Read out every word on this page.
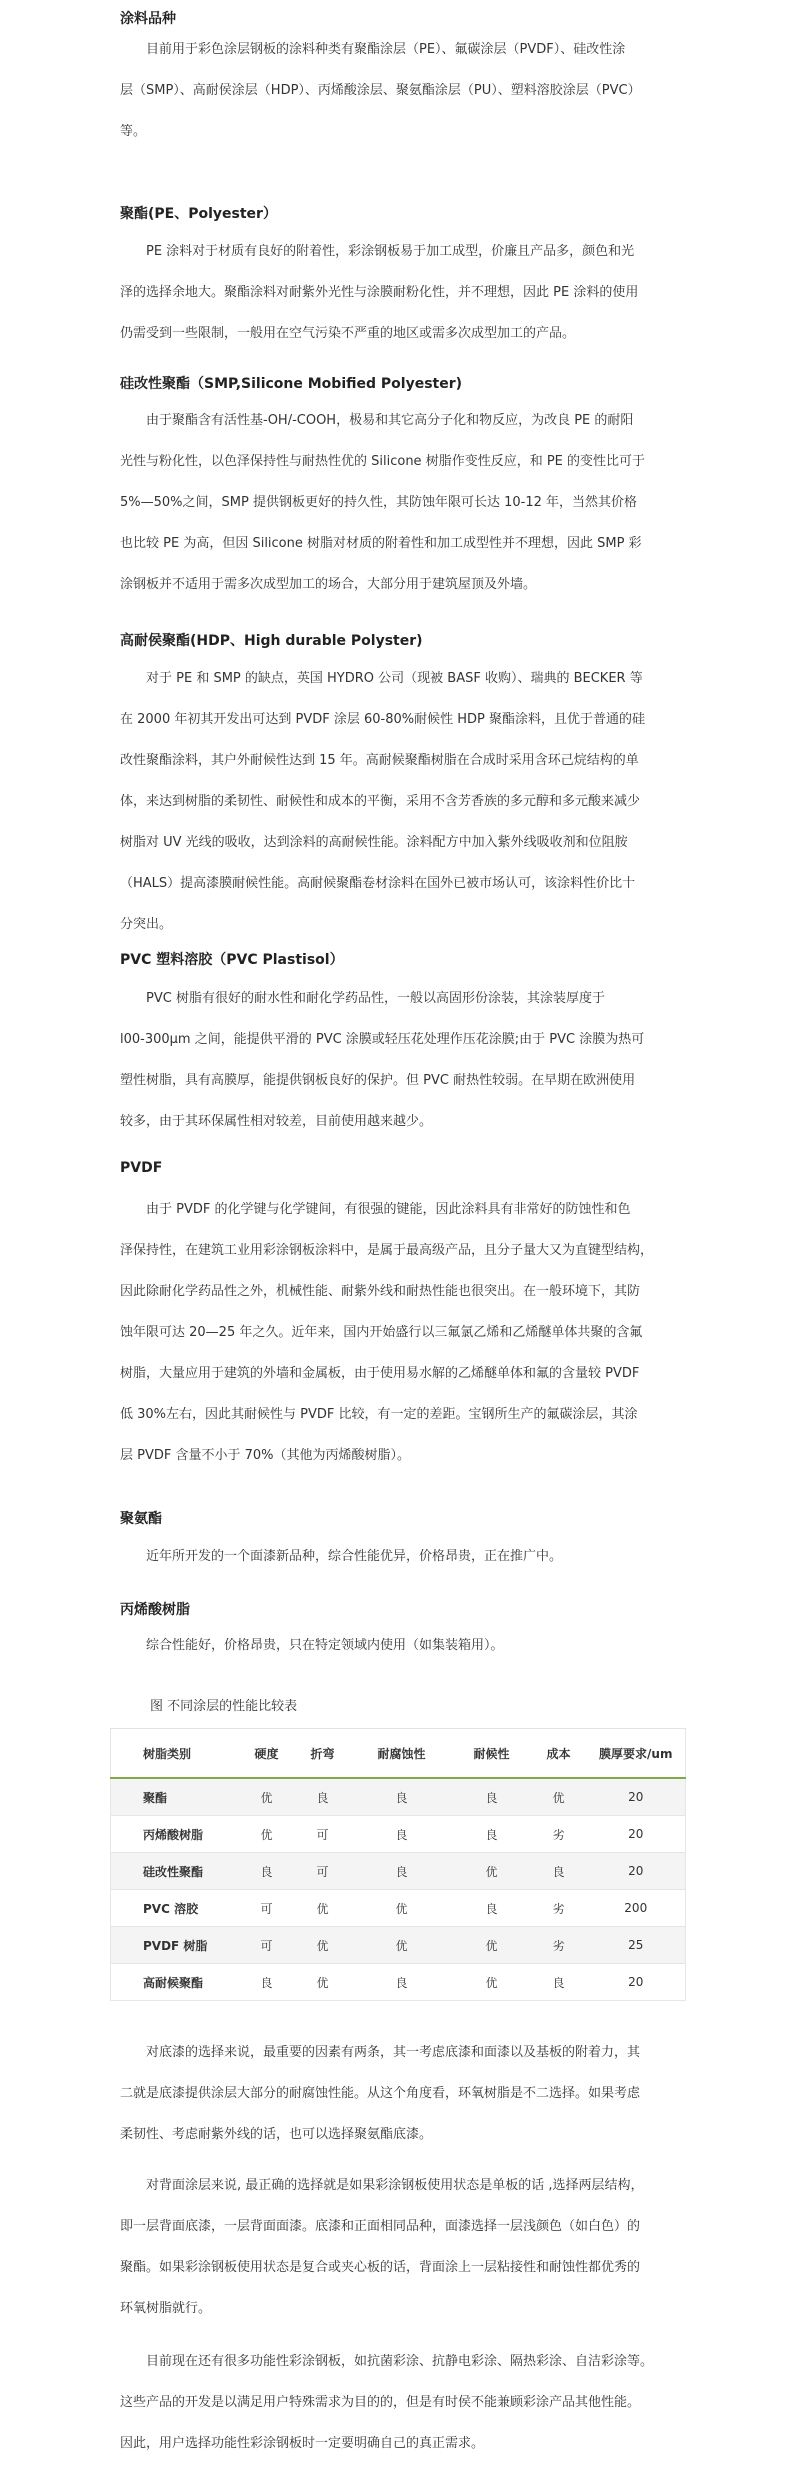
涂料品种
　　目前用于彩色涂层钢板的涂料种类有聚酯涂层（PE）、氟碳涂层（PVDF）、硅改性涂
层（SMP）、高耐侯涂层（HDP）、丙烯酸涂层、聚氨酯涂层（PU）、塑料溶胶涂层（PVC）
等。
聚酯(PE、Polyester）
　　PE 涂料对于材质有良好的附着性，彩涂钢板易于加工成型，价廉且产品多，颜色和光
泽的选择余地大。聚酯涂料对耐紫外光性与涂膜耐粉化性，并不理想，因此 PE 涂料的使用
仍需受到一些限制，一般用在空气污染不严重的地区或需多次成型加工的产品。
硅改性聚酯（SMP,Silicone Mobified Polyester)
　　由于聚酯含有活性基-OH/-COOH，极易和其它高分子化和物反应，为改良 PE 的耐阳
光性与粉化性，以色泽保持性与耐热性优的 Silicone 树脂作变性反应，和 PE 的变性比可于
5%—50%之间，SMP 提供钢板更好的持久性，其防蚀年限可长达 10-12 年，当然其价格
也比较 PE 为高，但因 Silicone 树脂对材质的附着性和加工成型性并不理想，因此 SMP 彩
涂钢板并不适用于需多次成型加工的场合，大部分用于建筑屋顶及外墙。
高耐侯聚酯(HDP、High durable Polyster)
　　对于 PE 和 SMP 的缺点，英国 HYDRO 公司（现被 BASF 收购）、瑞典的 BECKER 等
在 2000 年初其开发出可达到 PVDF 涂层 60-80%耐候性 HDP 聚酯涂料，且优于普通的硅
改性聚酯涂料，其户外耐候性达到 15 年。高耐候聚酯树脂在合成时采用含环己烷结构的单
体，来达到树脂的柔韧性、耐候性和成本的平衡，采用不含芳香族的多元醇和多元酸来减少
树脂对 UV 光线的吸收，达到涂料的高耐候性能。涂料配方中加入紫外线吸收剂和位阻胺
（HALS）提高漆膜耐候性能。高耐候聚酯卷材涂料在国外已被市场认可，该涂料性价比十
分突出。
PVC 塑料溶胶（PVC Plastisol）
　　PVC 树脂有很好的耐水性和耐化学药品性，一般以高固形份涂装，其涂装厚度于
l00-300μm 之间，能提供平滑的 PVC 涂膜或轻压花处理作压花涂膜;由于 PVC 涂膜为热可
塑性树脂，具有高膜厚，能提供钢板良好的保护。但 PVC 耐热性较弱。在早期在欧洲使用
较多，由于其环保属性相对较差，目前使用越来越少。
PVDF
　　由于 PVDF 的化学键与化学键间，有很强的键能，因此涂料具有非常好的防蚀性和色
泽保持性，在建筑工业用彩涂钢板涂料中，是属于最高级产品，且分子量大又为直键型结构，
因此除耐化学药品性之外，机械性能、耐紫外线和耐热性能也很突出。在一般环境下，其防
蚀年限可达 20—25 年之久。近年来，国内开始盛行以三氟氯乙烯和乙烯醚单体共聚的含氟
树脂，大量应用于建筑的外墙和金属板，由于使用易水解的乙烯醚单体和氟的含量较 PVDF
低 30%左右，因此其耐候性与 PVDF 比较，有一定的差距。宝钢所生产的氟碳涂层，其涂
层 PVDF 含量不小于 70%（其他为丙烯酸树脂）。
聚氨酯
　　近年所开发的一个面漆新品种，综合性能优异，价格昂贵，正在推广中。
丙烯酸树脂
　　综合性能好，价格昂贵，只在特定领域内使用（如集装箱用）。
图 不同涂层的性能比较表
树脂类别	硬度	折弯	耐腐蚀性	耐候性	成本	膜厚要求/um
聚酯	优	良	良	良	优	20
丙烯酸树脂	优	可	良	良	劣	20
硅改性聚酯	良	可	良	优	良	20
PVC 溶胶	可	优	优	良	劣	200
PVDF 树脂	可	优	优	优	劣	25
高耐候聚酯	良	优	良	优	良	20
　　对底漆的选择来说，最重要的因素有两条，其一考虑底漆和面漆以及基板的附着力，其
二就是底漆提供涂层大部分的耐腐蚀性能。从这个角度看，环氧树脂是不二选择。如果考虑
柔韧性、考虑耐紫外线的话，也可以选择聚氨酯底漆。
　　对背面涂层来说, 最正确的选择就是如果彩涂钢板使用状态是单板的话 ,选择两层结构，
即一层背面底漆，一层背面面漆。底漆和正面相同品种，面漆选择一层浅颜色（如白色）的
聚酯。如果彩涂钢板使用状态是复合或夹心板的话，背面涂上一层粘接性和耐蚀性都优秀的
环氧树脂就行。
　　目前现在还有很多功能性彩涂钢板，如抗菌彩涂、抗静电彩涂、隔热彩涂、自洁彩涂等。
这些产品的开发是以满足用户特殊需求为目的的，但是有时侯不能兼顾彩涂产品其他性能。
因此，用户选择功能性彩涂钢板时一定要明确自己的真正需求。
